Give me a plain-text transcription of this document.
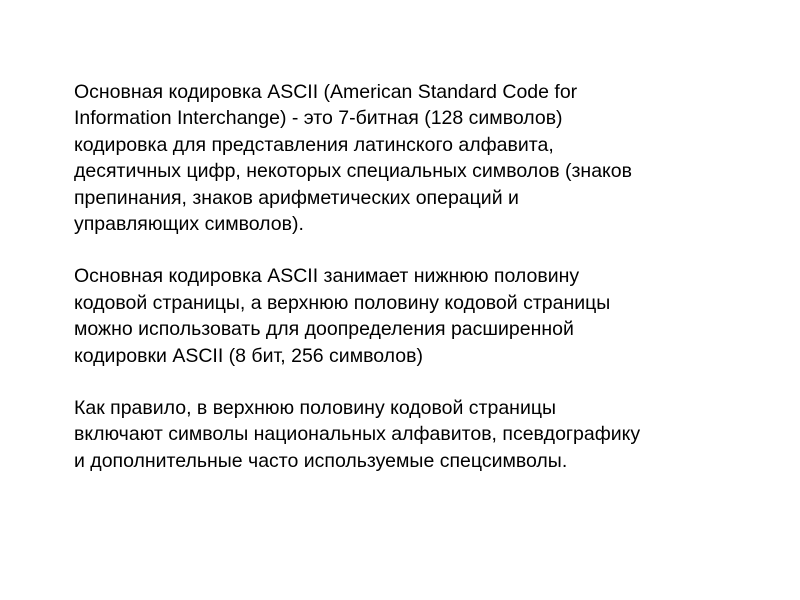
Основная кодировка ASCII (American Standard Code for
Information Interchange) - это 7-битная (128 символов)
кодировка для представления латинского алфавита,
десятичных цифр, некоторых специальных символов (знаков
препинания, знаков арифметических операций и
управляющих символов).

Основная кодировка ASCII занимает нижнюю половину
кодовой страницы, а верхнюю половину кодовой страницы
можно использовать для доопределения расширенной
кодировки ASCII (8 бит, 256 символов)

Как правило, в верхнюю половину кодовой страницы
включают символы национальных алфавитов, псевдографику
и дополнительные часто используемые спецсимволы.
